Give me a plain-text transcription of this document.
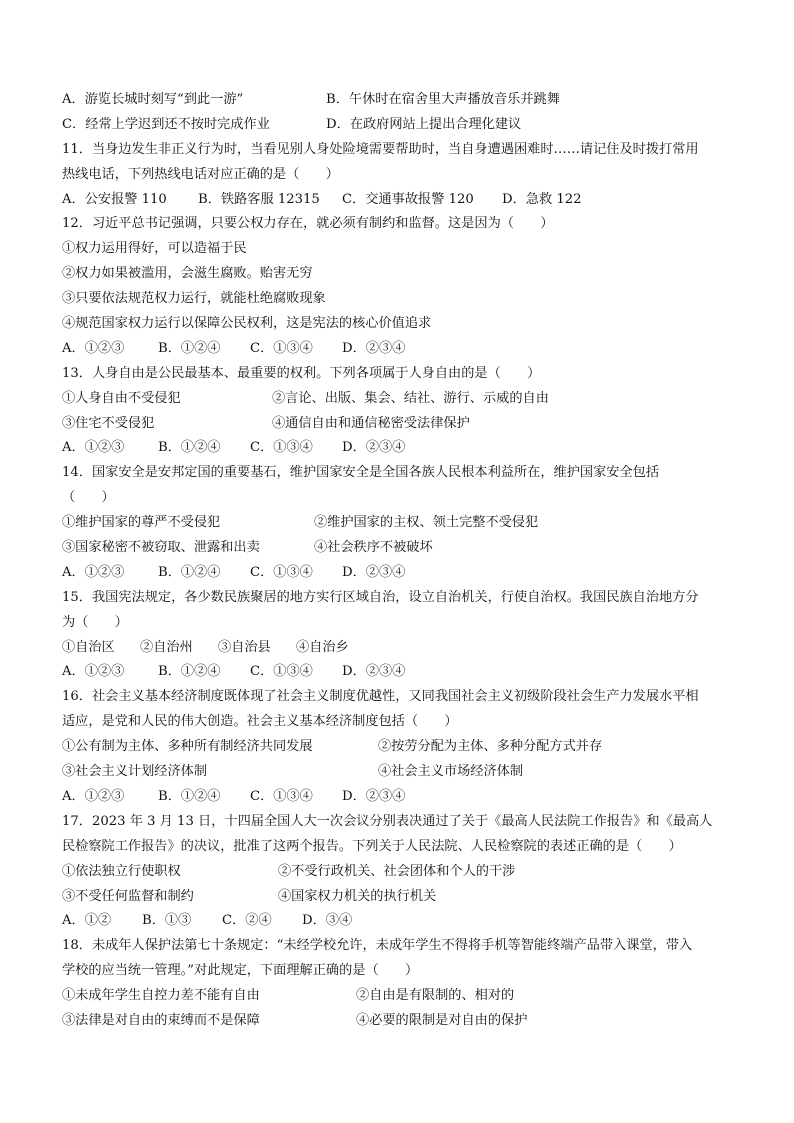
A．游览长城时刻写“到此一游”	B．午休时在宿舍里大声播放音乐并跳舞
C．经常上学迟到还不按时完成作业	D．在政府网站上提出合理化建议
11．当身边发生非正义行为时，当看见别人身处险境需要帮助时，当自身遭遇困难时……请记住及时拨打常用
热线电话，下列热线电话对应正确的是（　　）
A．公安报警 110 B．铁路客服 12315 C．交通事故报警 120 D．急救 122
12．习近平总书记强调，只要公权力存在，就必须有制约和监督。这是因为（　　）
①权力运用得好，可以造福于民
②权力如果被滥用，会滋生腐败。贻害无穷
③只要依法规范权力运行，就能杜绝腐败现象
④规范国家权力运行以保障公民权利，这是宪法的核心价值追求
A．①②③	B．①②④ C．①③④ D．②③④
13．人身自由是公民最基本、最重要的权利。下列各项属于人身自由的是（　　）
①人身自由不受侵犯	②言论、出版、集会、结社、游行、示威的自由
③住宅不受侵犯	④通信自由和通信秘密受法律保护
A．①②③	B．①②④ C．①③④ D．②③④
14．国家安全是安邦定国的重要基石，维护国家安全是全国各族人民根本利益所在，维护国家安全包括
（　　）
①维护国家的尊严不受侵犯	②维护国家的主权、领土完整不受侵犯
③国家秘密不被窃取、泄露和出卖	④社会秩序不被破坏
A．①②③	B．①②④ C．①③④ D．②③④
15．我国宪法规定，各少数民族聚居的地方实行区域自治，设立自治机关，行使自治权。我国民族自治地方分
为（　　）
①自治区 ②自治州 ③自治县 ④自治乡
A．①②③	B．①②④ C．①③④ D．②③④
16．社会主义基本经济制度既体现了社会主义制度优越性，又同我国社会主义初级阶段社会生产力发展水平相
适应，是党和人民的伟大创造。社会主义基本经济制度包括（　　）
①公有制为主体、多种所有制经济共同发展	②按劳分配为主体、多种分配方式并存
③社会主义计划经济体制	④社会主义市场经济体制
A．①②③	B．①②④ C．①③④ D．②③④
17．2023 年 3 月 13 日，十四届全国人大一次会议分别表决通过了关于《最高人民法院工作报告》和《最高人
民检察院工作报告》的决议，批准了这两个报告。下列关于人民法院、人民检察院的表述正确的是（　　）
①依法独立行使职权	②不受行政机关、社会团体和个人的干涉
③不受任何监督和制约	④国家权力机关的执行机关
A．①② B．①③ C．②④ D．③④
18．未成年人保护法第七十条规定：“未经学校允许，未成年学生不得将手机等智能终端产品带入课堂，带入
学校的应当统一管理。”对此规定，下面理解正确的是（　　）
①未成年学生自控力差不能有自由	②自由是有限制的、相对的
③法律是对自由的束缚而不是保障	④必要的限制是对自由的保护
